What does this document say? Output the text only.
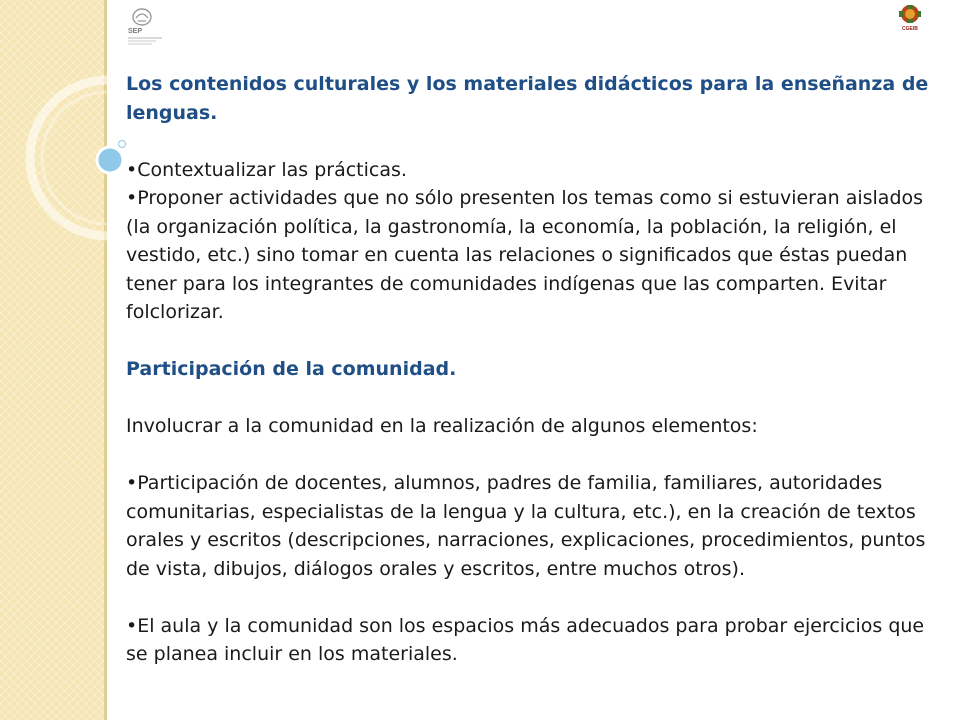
SEP	CGEIB

Los contenidos culturales y los materiales didácticos para la enseñanza de lenguas.

•Contextualizar las prácticas.

•Proponer actividades que no sólo presenten los temas como si estuvieran aislados (la organización política, la gastronomía, la economía, la población, la religión, el vestido, etc.) sino tomar en cuenta las relaciones o significados que éstas puedan tener para los integrantes de comunidades indígenas que las comparten. Evitar folclorizar.

Participación de la comunidad.

Involucrar a la comunidad en la realización de algunos elementos:

•Participación de docentes, alumnos, padres de familia, familiares, autoridades comunitarias, especialistas de la lengua y la cultura, etc.), en la creación de textos orales y escritos (descripciones, narraciones, explicaciones, procedimientos, puntos de vista, dibujos, diálogos orales y escritos, entre muchos otros).

•El aula y la comunidad son los espacios más adecuados para probar ejercicios que se planea incluir en los materiales.
